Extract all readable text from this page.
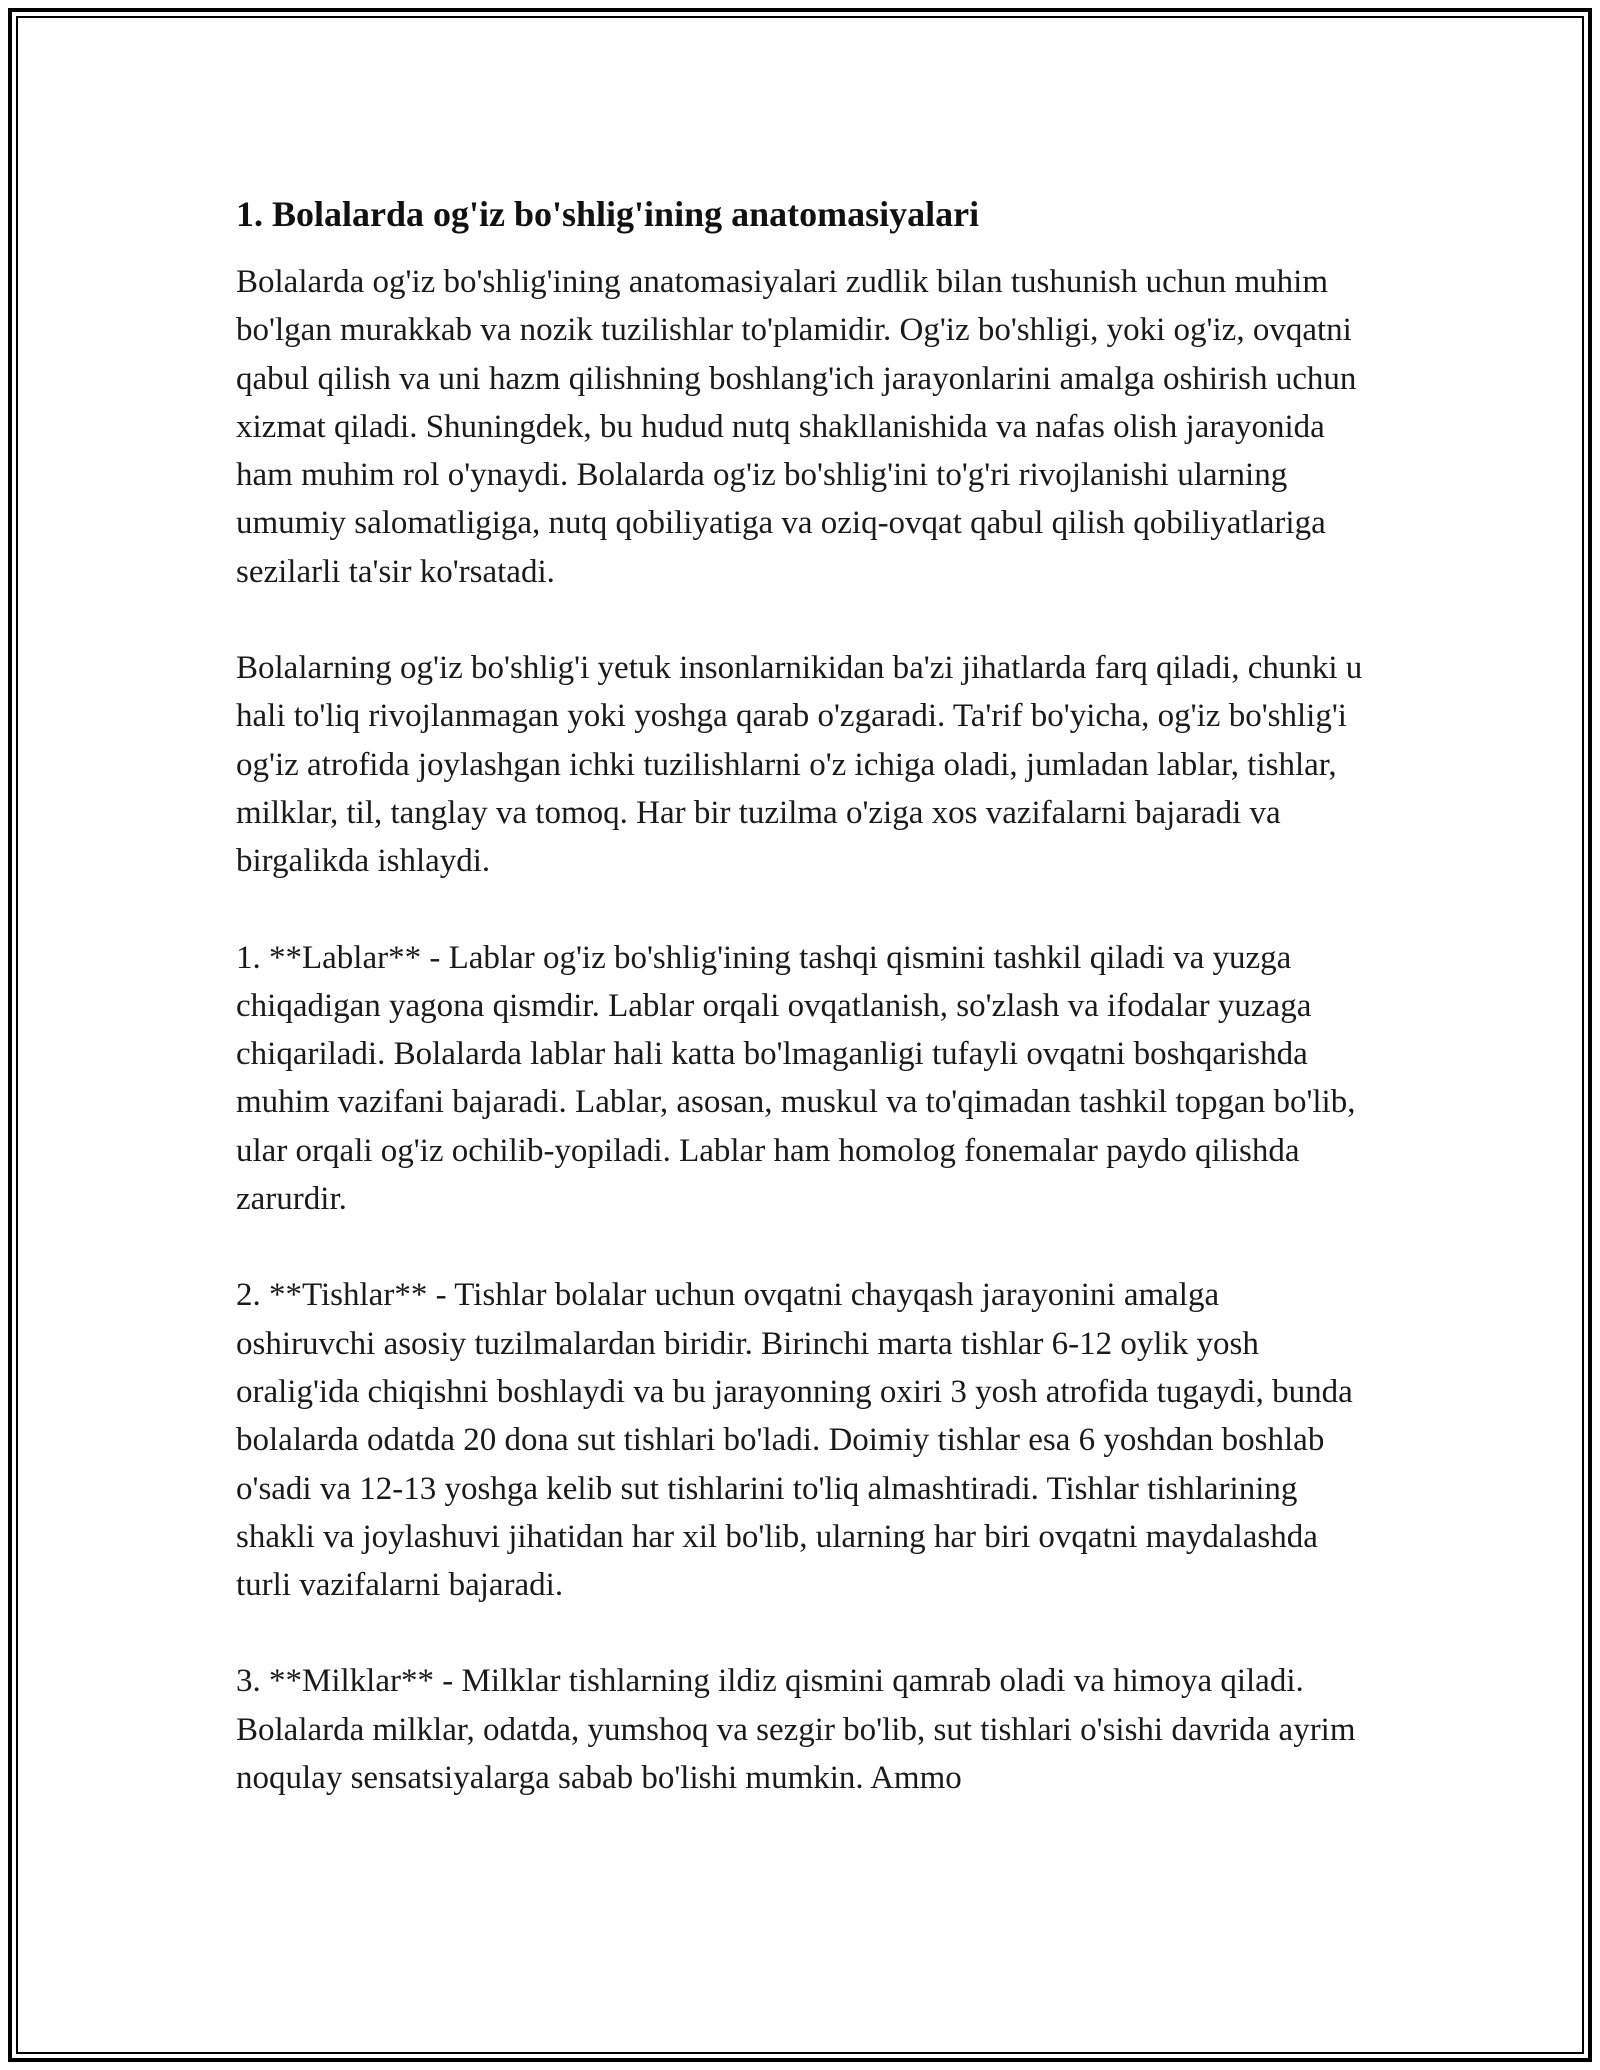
1. Bolalarda og'iz bo'shlig'ining anatomasiyalari

Bolalarda og'iz bo'shlig'ining anatomasiyalari zudlik bilan tushunish uchun muhim bo'lgan murakkab va nozik tuzilishlar to'plamidir. Og'iz bo'shligi, yoki og'iz, ovqatni qabul qilish va uni hazm qilishning boshlang'ich jarayonlarini amalga oshirish uchun xizmat qiladi. Shuningdek, bu hudud nutq shakllanishida va nafas olish jarayonida ham muhim rol o'ynaydi. Bolalarda og'iz bo'shlig'ini to'g'ri rivojlanishi ularning umumiy salomatligiga, nutq qobiliyatiga va oziq-ovqat qabul qilish qobiliyatlariga sezilarli ta'sir ko'rsatadi.

Bolalarning og'iz bo'shlig'i yetuk insonlarnikidan ba'zi jihatlarda farq qiladi, chunki u hali to'liq rivojlanmagan yoki yoshga qarab o'zgaradi. Ta'rif bo'yicha, og'iz bo'shlig'i og'iz atrofida joylashgan ichki tuzilishlarni o'z ichiga oladi, jumladan lablar, tishlar, milklar, til, tanglay va tomoq. Har bir tuzilma o'ziga xos vazifalarni bajaradi va birgalikda ishlaydi.

1. **Lablar** - Lablar og'iz bo'shlig'ining tashqi qismini tashkil qiladi va yuzga chiqadigan yagona qismdir. Lablar orqali ovqatlanish, so'zlash va ifodalar yuzaga chiqariladi. Bolalarda lablar hali katta bo'lmaganligi tufayli ovqatni boshqarishda muhim vazifani bajaradi. Lablar, asosan, muskul va to'qimadan tashkil topgan bo'lib, ular orqali og'iz ochilib-yopiladi. Lablar ham homolog fonemalar paydo qilishda zarurdir.

2. **Tishlar** - Tishlar bolalar uchun ovqatni chayqash jarayonini amalga oshiruvchi asosiy tuzilmalardan biridir. Birinchi marta tishlar 6-12 oylik yosh oralig'ida chiqishni boshlaydi va bu jarayonning oxiri 3 yosh atrofida tugaydi, bunda bolalarda odatda 20 dona sut tishlari bo'ladi. Doimiy tishlar esa 6 yoshdan boshlab o'sadi va 12-13 yoshga kelib sut tishlarini to'liq almashtiradi. Tishlar tishlarining shakli va joylashuvi jihatidan har xil bo'lib, ularning har biri ovqatni maydalashda turli vazifalarni bajaradi.

3. **Milklar** - Milklar tishlarning ildiz qismini qamrab oladi va himoya qiladi. Bolalarda milklar, odatda, yumshoq va sezgir bo'lib, sut tishlari o'sishi davrida ayrim noqulay sensatsiyalarga sabab bo'lishi mumkin. Ammo
